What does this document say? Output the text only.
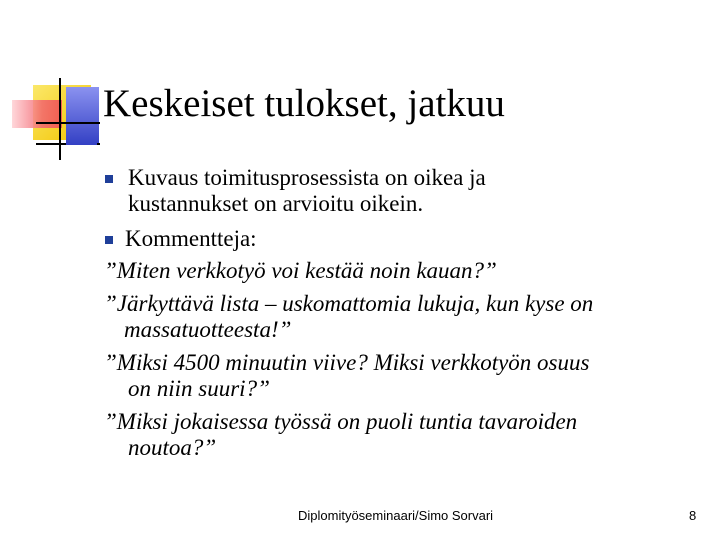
Keskeiset tulokset, jatkuu
Kuvaus toimitusprosessista on oikea ja
kustannukset on arvioitu oikein.
Kommentteja:
”Miten verkkotyö voi kestää noin kauan?”
”Järkyttävä lista – uskomattomia lukuja, kun kyse on
massatuotteesta!”
”Miksi 4500 minuutin viive? Miksi verkkotyön osuus
on niin suuri?”
”Miksi jokaisessa työssä on puoli tuntia tavaroiden
noutoa?”
Diplomityöseminaari/Simo Sorvari	8
